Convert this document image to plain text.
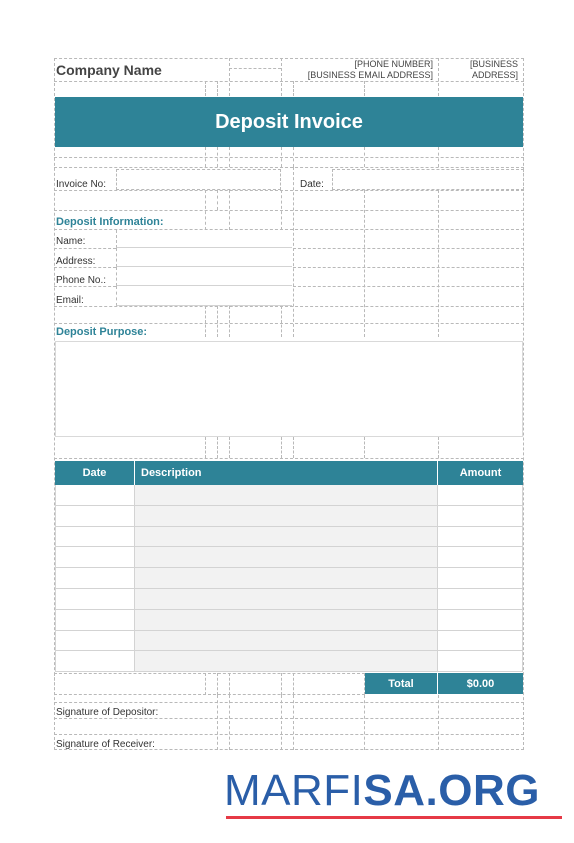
Company Name	[PHONE NUMBER]
[BUSINESS EMAIL ADDRESS]
[BUSINESS
ADDRESS]
Deposit Invoice
Invoice No:	Date:
Deposit Information:
Name:
Address:
Phone No.:
Email:
Deposit Purpose:
Date	Description	Amount
Total	$0.00
Signature of Depositor:
Signature of Receiver:
MARFISA.ORG
